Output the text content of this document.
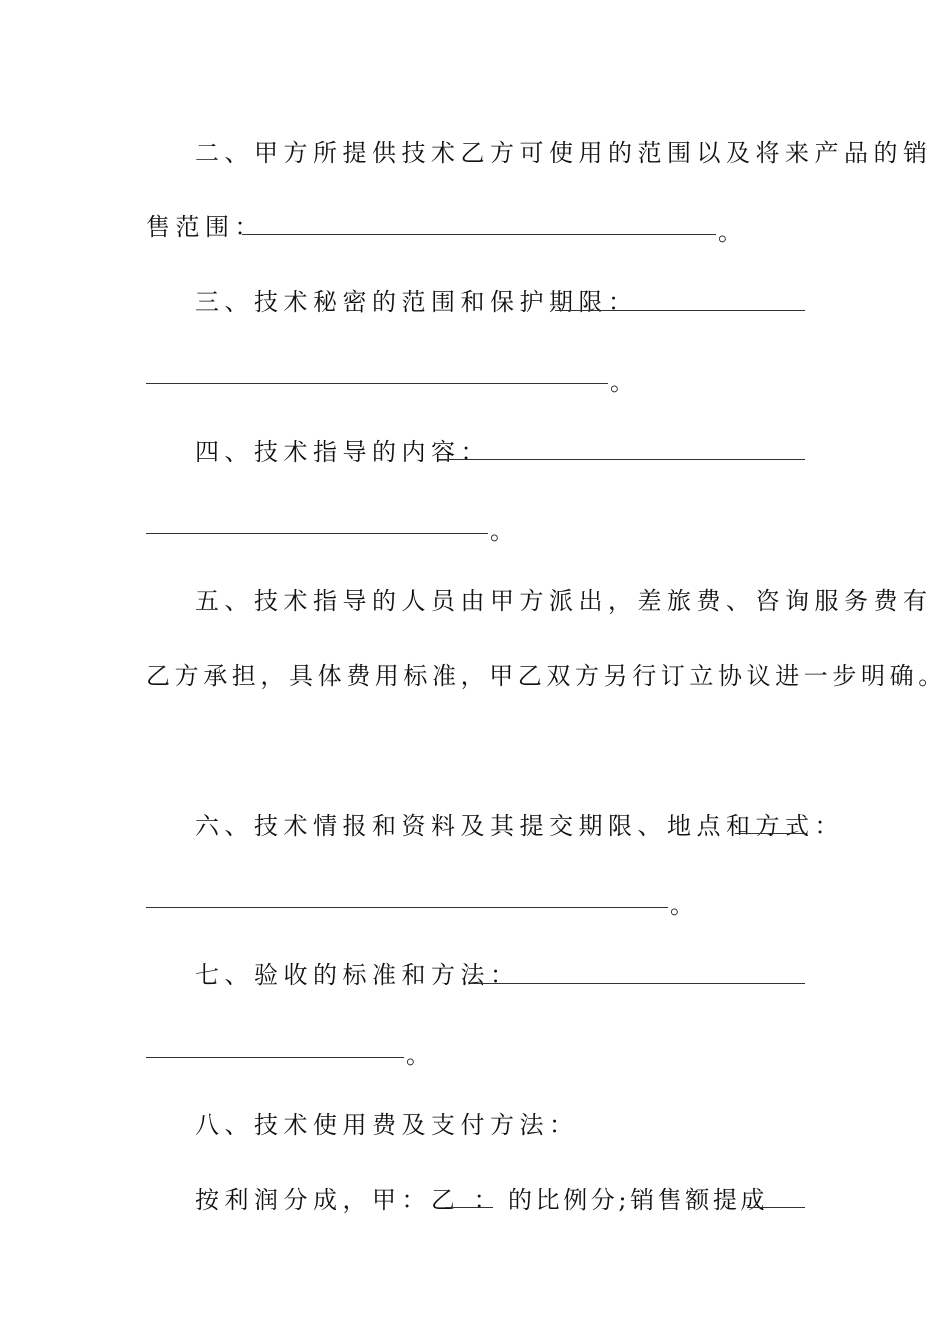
二、甲方所提供技术乙方可使用的范围以及将来产品的销
售范围：	。
三、技术秘密的范围和保护期限：
。
四、技术指导的内容：
。
五、技术指导的人员由甲方派出，差旅费、咨询服务费有
乙方承担，具体费用标准，甲乙双方另行订立协议进一步明确。
六、技术情报和资料及其提交期限、地点和方式：
。
七、验收的标准和方法：
。
八、技术使用费及支付方法：
按利润分成，甲：乙 ： 的比例分;销售额提成
